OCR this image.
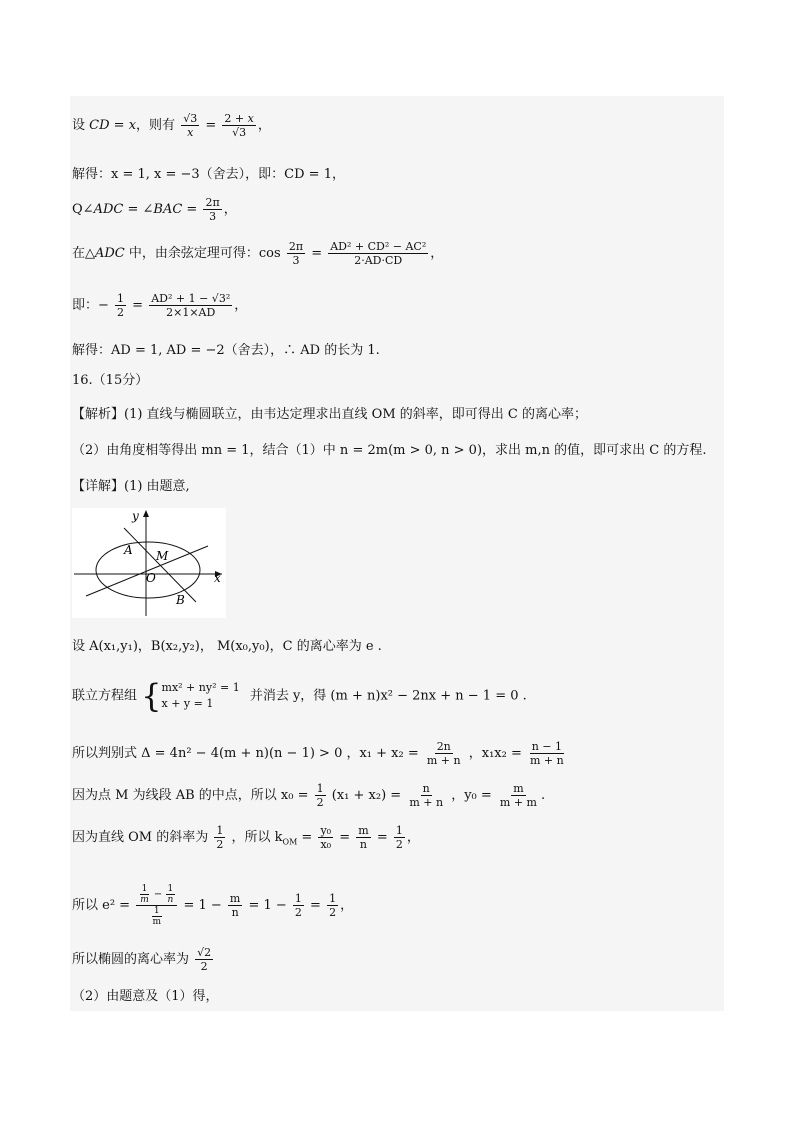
设 CD = x，则有 $\frac{√3}{x} = \frac{2 + x}{√3}$ ，
解得：x = 1, x = −3（舍去），即：CD = 1，
Q∠ADC = ∠BAC = $\frac{2\pi}{3}$ ，
在△ADC 中，由余弦定理可得：$\cos \frac{2\pi}{3} = \frac{\text{AD² + CD² − AC²}}{2\cdot AD\cdot CD}$ ，
即：− $\frac{1}{2} = \frac{\text{AD² + 1 − √3²}}{2\times 1\times AD}$ ，
解得：AD = 1, AD = −2（舍去），∴ AD 的长为 1.
16.（15分）
【解析】(1) 直线与椭圆联立，由韦达定理求出直线 OM 的斜率，即可得出 C 的离心率；
（2）由角度相等得出 mn = 1，结合（1）中 n = 2m(m > 0, n > 0)，求出 m,n 的值，即可求出 C 的方程.
【详解】(1) 由题意,
y
x
A M
O
B
设 A(x₁,y₁)，B(x₂,y₂)， M(x₀,y₀)，C 的离心率为 e .
联立方程组 { mx² + ny² = 1
x + y = 1	并消去 y，得 (m + n)x² − 2nx + n − 1 = 0 .
所以判别式 Δ = 4n² − 4(m + n)(n − 1) > 0 ，$x_1 + x_2 = \frac{2n}{m + n}$ ，$x_1x_2 = \frac{n - 1}{m + n}$
因为点 M 为线段 AB 的中点，所以 $x_0 = \frac{1}{2} (x_1 + x_2) = \frac{n}{m + n}$ ，$y_0 = \frac{m}{m + m}$ .
因为直线 OM 的斜率为 $\frac{1}{2}$ ，所以 $k_{OM} = \frac{\text{y₀}}{\text{x₀}} = \frac{m}{n} = \frac{1}{2}$ ，
所以 $e^2 = \frac{\frac{1}{m} - \frac{1}{n}}{\frac{1}{m}} = 1 - \frac{m}{n} = 1 - \frac{1}{2} = \frac{1}{2}$ ，
所以椭圆的离心率为 $\frac{√2}{2}$
（2）由题意及（1）得，
